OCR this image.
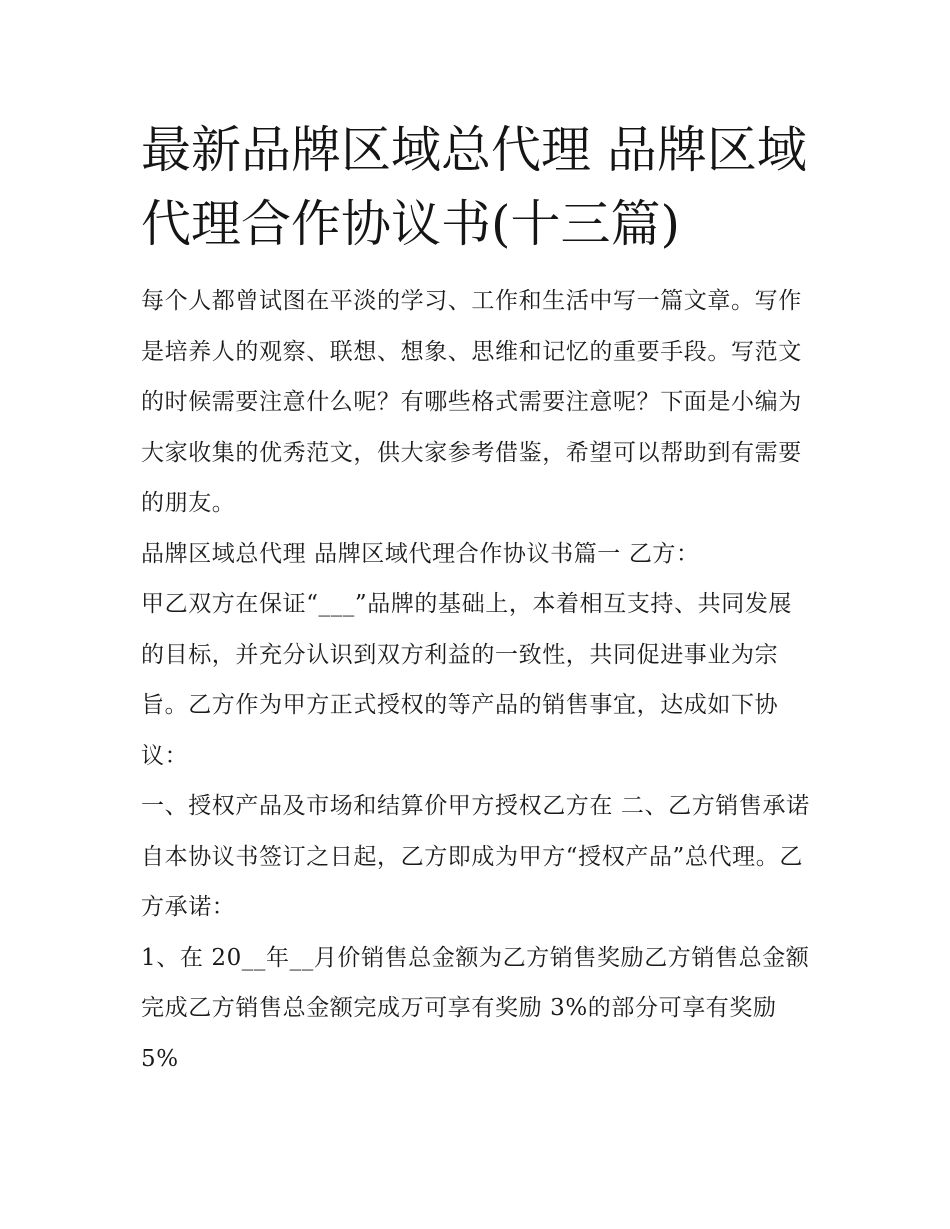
最新品牌区域总代理 品牌区域代理合作协议书(十三篇)

每个人都曾试图在平淡的学习、工作和生活中写一篇文章。写作是培养人的观察、联想、想象、思维和记忆的重要手段。写范文的时候需要注意什么呢？有哪些格式需要注意呢？下面是小编为大家收集的优秀范文，供大家参考借鉴，希望可以帮助到有需要的朋友。

品牌区域总代理 品牌区域代理合作协议书篇一 乙方：

甲乙双方在保证“___”品牌的基础上，本着相互支持、共同发展的目标，并充分认识到双方利益的一致性，共同促进事业为宗旨。乙方作为甲方正式授权的等产品的销售事宜，达成如下协议：

一、授权产品及市场和结算价甲方授权乙方在 二、乙方销售承诺自本协议书签订之日起，乙方即成为甲方“授权产品”总代理。乙方承诺：

1、在 20__年__月价销售总金额为乙方销售奖励乙方销售总金额完成乙方销售总金额完成万可享有奖励 3%的部分可享有奖励 5%
